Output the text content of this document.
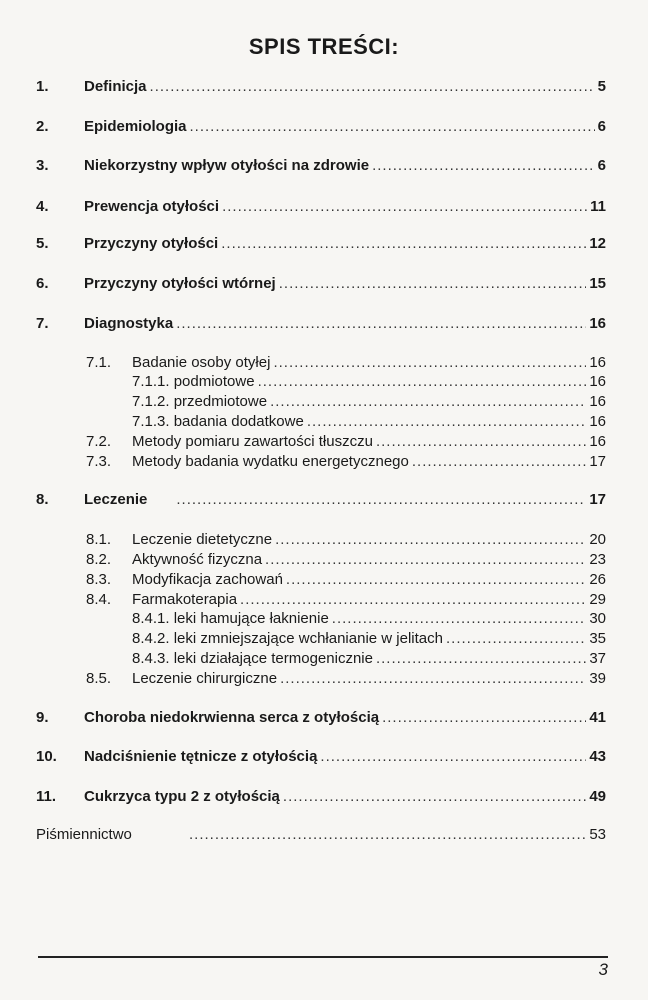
SPIS TREŚCI:
1.	Definicja .....	5
2.	Epidemiologia .....	6
3.	Niekorzystny wpływ otyłości na zdrowie .....	6
4.	Prewencja otyłości .....	11
5.	Przyczyny otyłości .....	12
6.	Przyczyny otyłości wtórnej .....	15
7.	Diagnostyka .....	16
7.1.	Badanie osoby otyłej .....	16
7.1.1. podmiotowe .....	16
7.1.2. przedmiotowe .....	16
7.1.3. badania dodatkowe .....	16
7.2.	Metody pomiaru zawartości tłuszczu .....	16
7.3.	Metody badania wydatku energetycznego .....	17
8.	Leczenie .....	17
8.1.	Leczenie dietetyczne .....	20
8.2.	Aktywność fizyczna .....	23
8.3.	Modyfikacja zachowań .....	26
8.4.	Farmakoterapia .....	29
8.4.1. leki hamujące łaknienie .....	30
8.4.2. leki zmniejszające wchłanianie w jelitach .....	35
8.4.3. leki działające termogenicznie .....	37
8.5.	Leczenie chirurgiczne .....	39
9.	Choroba niedokrwienna serca z otyłością .....	41
10.	Nadciśnienie tętnicze z otyłością .....	43
11.	Cukrzyca typu 2 z otyłością .....	49
Piśmiennictwo .....	53
3
